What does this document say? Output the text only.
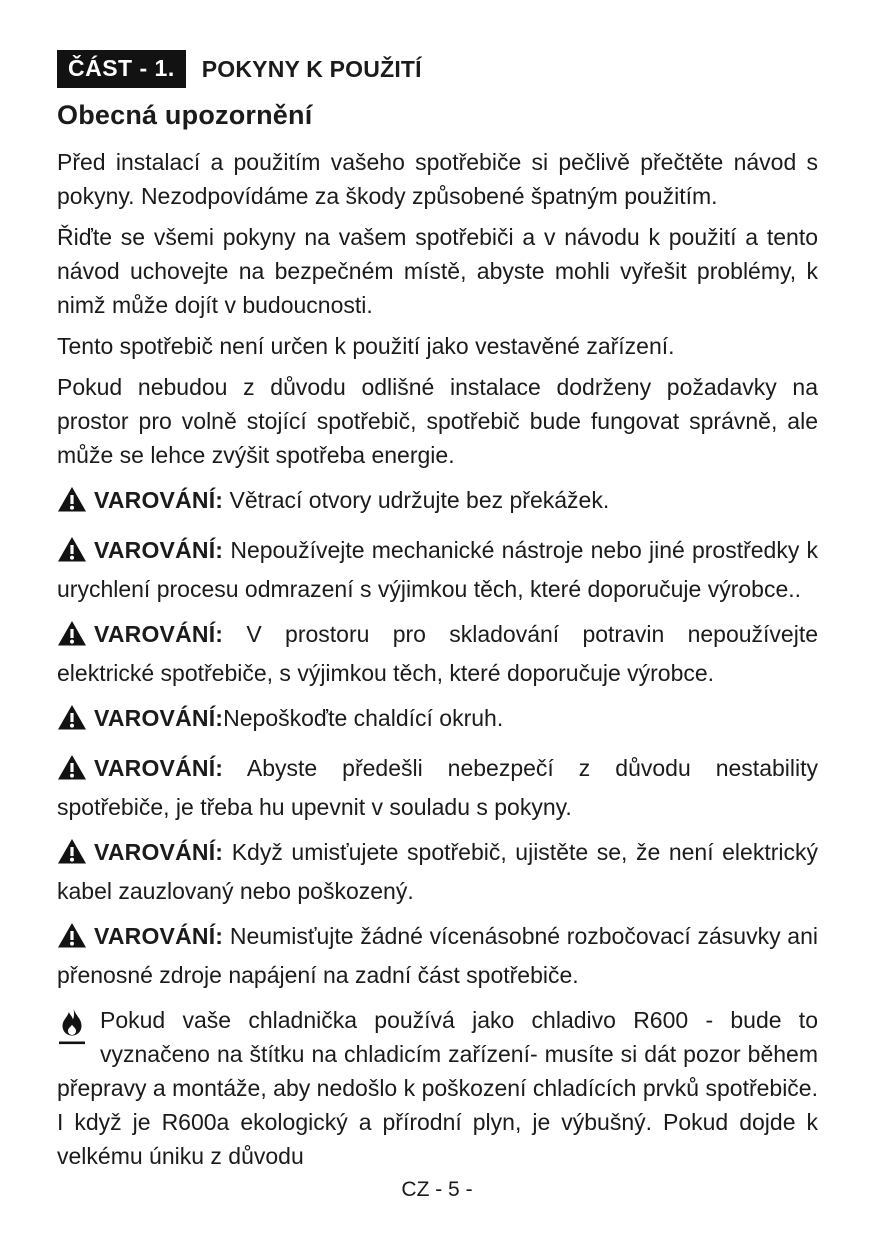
ČÁST - 1.	POKYNY K POUŽITÍ
Obecná upozornění

Před instalací a použitím vašeho spotřebiče si pečlivě přečtěte návod s pokyny. Nezodpovídáme za škody způsobené špatným použitím.

Řiďte se všemi pokyny na vašem spotřebiči a v návodu k použití a tento návod uchovejte na bezpečném místě, abyste mohli vyřešit problémy, k nimž může dojít v budoucnosti.

Tento spotřebič není určen k použití jako vestavěné zařízení.

Pokud nebudou z důvodu odlišné instalace dodrženy požadavky na prostor pro volně stojící spotřebič, spotřebič bude fungovat správně, ale může se lehce zvýšit spotřeba energie.

VAROVÁNÍ: Větrací otvory udržujte bez překážek.

VAROVÁNÍ: Nepoužívejte mechanické nástroje nebo jiné prostředky k urychlení procesu odmrazení s výjimkou těch, které doporučuje výrobce..

VAROVÁNÍ: V prostoru pro skladování potravin nepoužívejte elektrické spotřebiče, s výjimkou těch, které doporučuje výrobce.

VAROVÁNÍ:Nepoškoďte chaldící okruh.

VAROVÁNÍ: Abyste předešli nebezpečí z důvodu nestability spotřebiče, je třeba hu upevnit v souladu s pokyny.

VAROVÁNÍ: Když umisťujete spotřebič, ujistěte se, že není elektrický kabel zauzlovaný nebo poškozený.

VAROVÁNÍ: Neumisťujte žádné vícenásobné rozbočovací zásuvky ani přenosné zdroje napájení na zadní část spotřebiče.

Pokud vaše chladnička používá jako chladivo R600 - bude to vyznačeno na štítku na chladicím zařízení- musíte si dát pozor během přepravy a montáže, aby nedošlo k poškození chladících prvků spotřebiče. I když je R600a ekologický a přírodní plyn, je výbušný. Pokud dojde k velkému úniku z důvodu

CZ - 5 -
